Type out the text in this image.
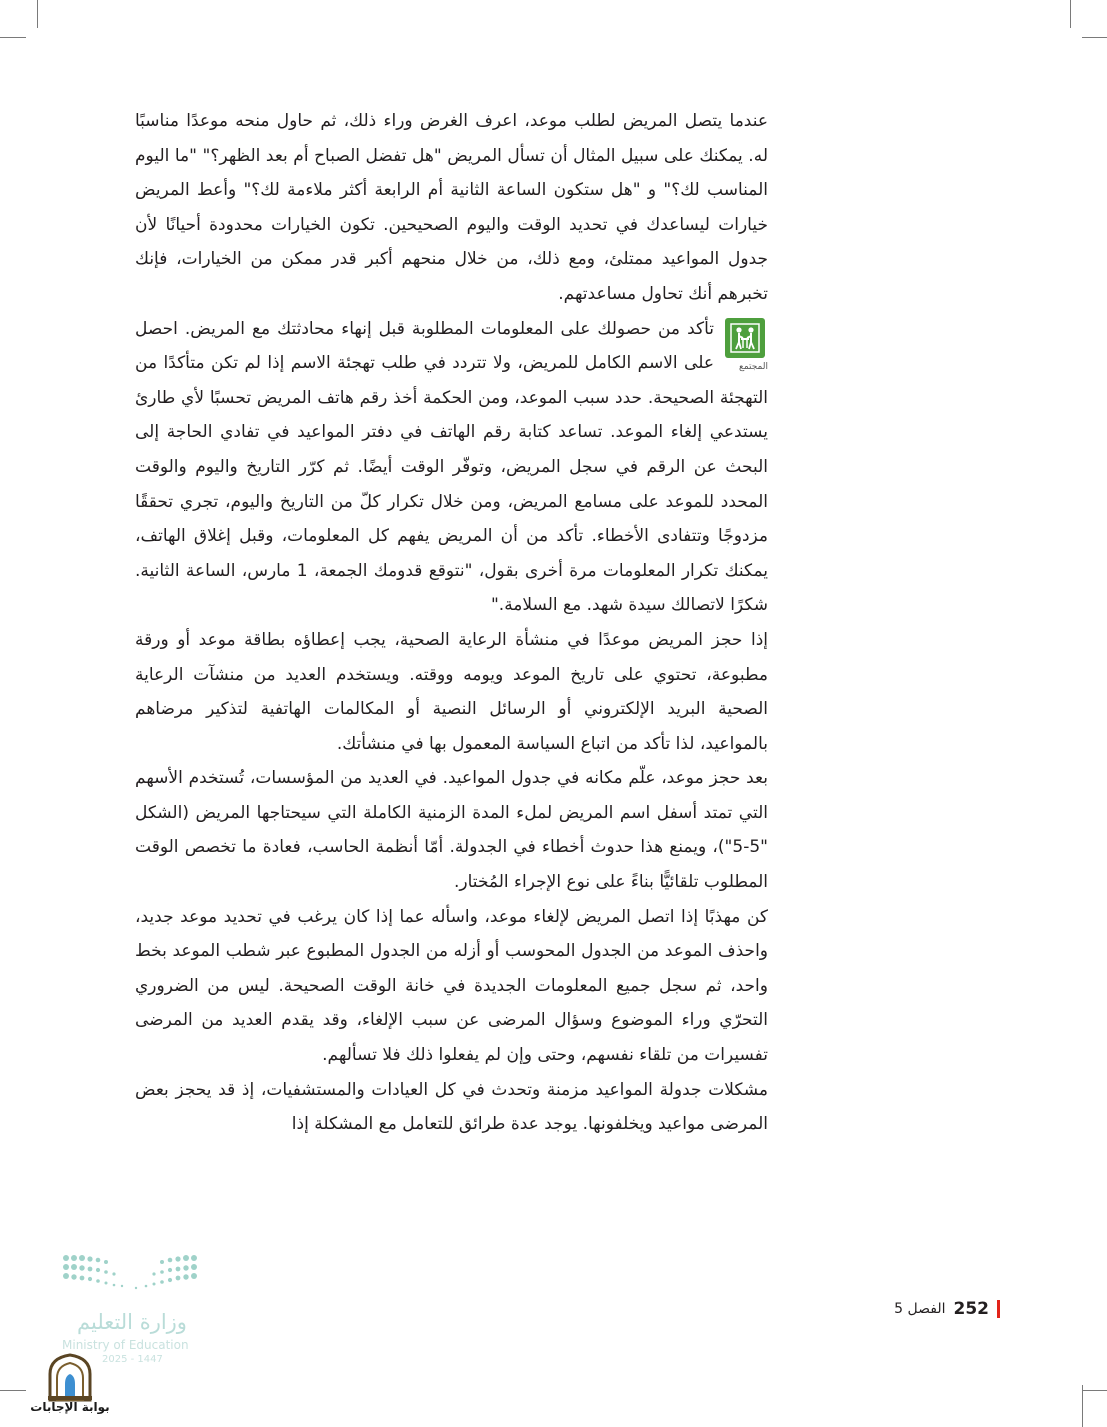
عندما يتصل المريض لطلب موعد، اعرف الغرض وراء ذلك، ثم حاول منحه موعدًا مناسبًا له. يمكنك على سبيل المثال أن تسأل المريض "هل تفضل الصباح أم بعد الظهر؟" "ما اليوم المناسب لك؟" و "هل ستكون الساعة الثانية أم الرابعة أكثر ملاءمة لك؟" وأعط المريض خيارات ليساعدك في تحديد الوقت واليوم الصحيحين. تكون الخيارات محدودة أحيانًا لأن جدول المواعيد ممتلئ، ومع ذلك، من خلال منحهم أكبر قدر ممكن من الخيارات، فإنك تخبرهم أنك تحاول مساعدتهم.

المجتمع
تأكد من حصولك على المعلومات المطلوبة قبل إنهاء محادثتك مع المريض. احصل على الاسم الكامل للمريض، ولا تتردد في طلب تهجئة الاسم إذا لم تكن متأكدًا من التهجئة الصحيحة. حدد سبب الموعد، ومن الحكمة أخذ رقم هاتف المريض تحسبًا لأي طارئ يستدعي إلغاء الموعد. تساعد كتابة رقم الهاتف في دفتر المواعيد في تفادي الحاجة إلى البحث عن الرقم في سجل المريض، وتوفّر الوقت أيضًا. ثم كرّر التاريخ واليوم والوقت المحدد للموعد على مسامع المريض، ومن خلال تكرار كلّ من التاريخ واليوم، تجري تحققًا مزدوجًا وتتفادى الأخطاء. تأكد من أن المريض يفهم كل المعلومات، وقبل إغلاق الهاتف، يمكنك تكرار المعلومات مرة أخرى بقول، "نتوقع قدومك الجمعة، 1 مارس، الساعة الثانية. شكرًا لاتصالك سيدة شهد. مع السلامة."

إذا حجز المريض موعدًا في منشأة الرعاية الصحية، يجب إعطاؤه بطاقة موعد أو ورقة مطبوعة، تحتوي على تاريخ الموعد ويومه ووقته. ويستخدم العديد من منشآت الرعاية الصحية البريد الإلكتروني أو الرسائل النصية أو المكالمات الهاتفية لتذكير مرضاهم بالمواعيد، لذا تأكد من اتباع السياسة المعمول بها في منشأتك.

بعد حجز موعد، علّم مكانه في جدول المواعيد. في العديد من المؤسسات، تُستخدم الأسهم التي تمتد أسفل اسم المريض لملء المدة الزمنية الكاملة التي سيحتاجها المريض (الشكل "5-5")، ويمنع هذا حدوث أخطاء في الجدولة. أمّا أنظمة الحاسب، فعادة ما تخصص الوقت المطلوب تلقائيًّا بناءً على نوع الإجراء المُختار.

كن مهذبًا إذا اتصل المريض لإلغاء موعد، واسأله عما إذا كان يرغب في تحديد موعد جديد، واحذف الموعد من الجدول المحوسب أو أزله من الجدول المطبوع عبر شطب الموعد بخط واحد، ثم سجل جميع المعلومات الجديدة في خانة الوقت الصحيحة. ليس من الضروري التحرّي وراء الموضوع وسؤال المرضى عن سبب الإلغاء، وقد يقدم العديد من المرضى تفسيرات من تلقاء نفسهم، وحتى وإن لم يفعلوا ذلك فلا تسألهم.

مشكلات جدولة المواعيد مزمنة وتحدث في كل العيادات والمستشفيات، إذ قد يحجز بعض المرضى مواعيد ويخلفونها. يوجد عدة طرائق للتعامل مع المشكلة إذا

وزارة التعليم
Ministry of Education
2025 - 1447
بوابة الإجابات
252
الفصل 5
